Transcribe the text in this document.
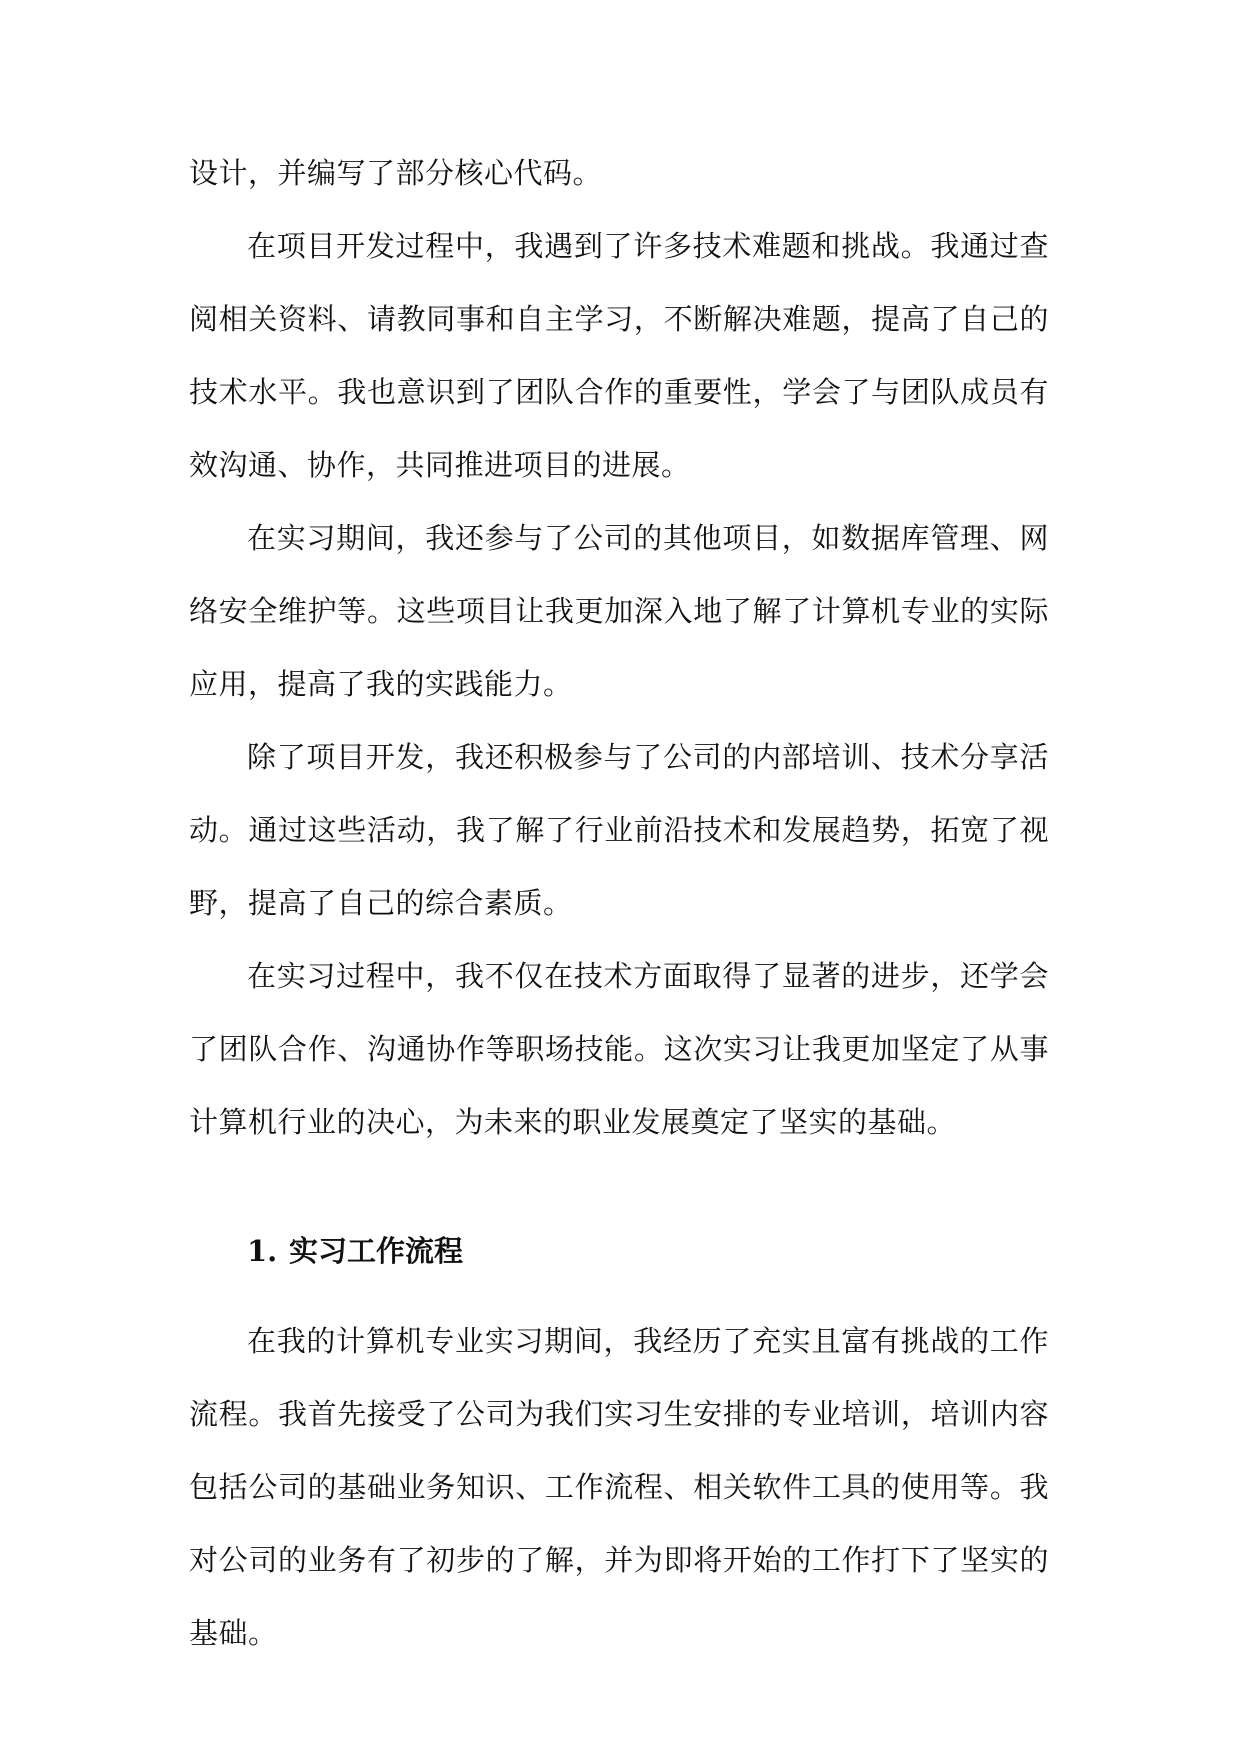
设计，并编写了部分核心代码。

在项目开发过程中，我遇到了许多技术难题和挑战。我通过查阅相关资料、请教同事和自主学习，不断解决难题，提高了自己的技术水平。我也意识到了团队合作的重要性，学会了与团队成员有效沟通、协作，共同推进项目的进展。

在实习期间，我还参与了公司的其他项目，如数据库管理、网络安全维护等。这些项目让我更加深入地了解了计算机专业的实际应用，提高了我的实践能力。

除了项目开发，我还积极参与了公司的内部培训、技术分享活动。通过这些活动，我了解了行业前沿技术和发展趋势，拓宽了视野，提高了自己的综合素质。

在实习过程中，我不仅在技术方面取得了显著的进步，还学会了团队合作、沟通协作等职场技能。这次实习让我更加坚定了从事计算机行业的决心，为未来的职业发展奠定了坚实的基础。

1. 实习工作流程

在我的计算机专业实习期间，我经历了充实且富有挑战的工作流程。我首先接受了公司为我们实习生安排的专业培训，培训内容包括公司的基础业务知识、工作流程、相关软件工具的使用等。我对公司的业务有了初步的了解，并为即将开始的工作打下了坚实的基础。
